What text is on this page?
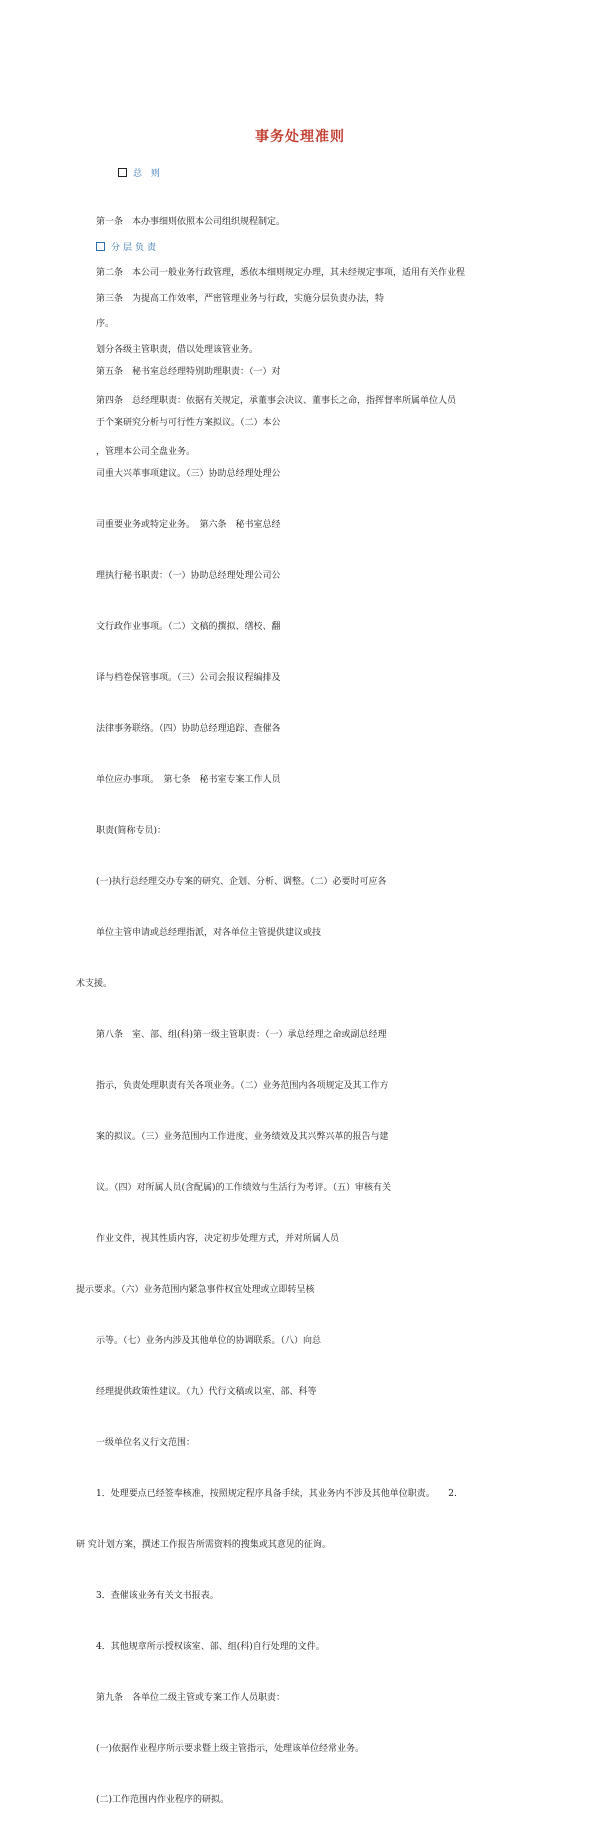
事务处理准则
总 则

第一条　本办事细则依照本公司组织规程制定。

第二条　本公司一般业务行政管理，悉依本细则规定办理，其未经规定事项，适用有关作业程

序。

分层负责

第三条　为提高工作效率，严密管理业务与行政，实施分层负责办法，特

划分各级主管职责，借以处理该管业务。

第四条　总经理职责：依据有关规定，承董事会决议、董事长之命，指挥督率所属单位人员

，管理本公司全盘业务。

第五条　秘书室总经理特别助理职责：（一）对

于个案研究分析与可行性方案拟议。（二）本公

司重大兴革事项建议。（三）协助总经理处理公

司重要业务或特定业务。　第六条　秘书室总经

理执行秘书职责：（一）协助总经理处理公司公

文行政作业事项。（二）文稿的撰拟、缮校、翻

译与档卷保管事项。（三）公司会报议程编排及

法律事务联络。（四）协助总经理追踪、查催各

单位应办事项。　第七条　秘书室专案工作人员

职责(简称专员)：

(一)执行总经理交办专案的研究、企划、分析、调整。（二）必要时可应各

单位主管申请或总经理指派，对各单位主管提供建议或技

术支援。

第八条　室、部、组(科)第一级主管职责：（一）承总经理之命或副总经理

指示，负责处理职责有关各项业务。（二）业务范围内各项规定及其工作方

案的拟议。（三）业务范围内工作进度、业务绩效及其兴弊兴革的报告与建

议。（四）对所属人员(含配属)的工作绩效与生活行为考评。（五）审核有关

作业文件，视其性质内容，决定初步处理方式，并对所属人员

提示要求。（六）业务范围内紧急事件权宜处理或立即转呈核

示等。（七）业务内涉及其他单位的协调联系。（八）向总

经理提供政策性建议。（九）代行文稿或以室、部、科等

一级单位名义行文范围：

1．处理要点已经签奉核准，按照规定程序具备手续，其业务内不涉及其他单位职责。　　2.

研 究计划方案，撰述工作报告所需资料的搜集或其意见的征询。

3．查催该业务有关文书报表。

4．其他规章所示授权该室、部、组(科)自行处理的文件。

第九条　各单位二级主管或专案工作人员职责：

(一)依据作业程序所示要求暨上级主管指示，处理该单位经常业务。

(二)工作范围内作业程序的研拟。
